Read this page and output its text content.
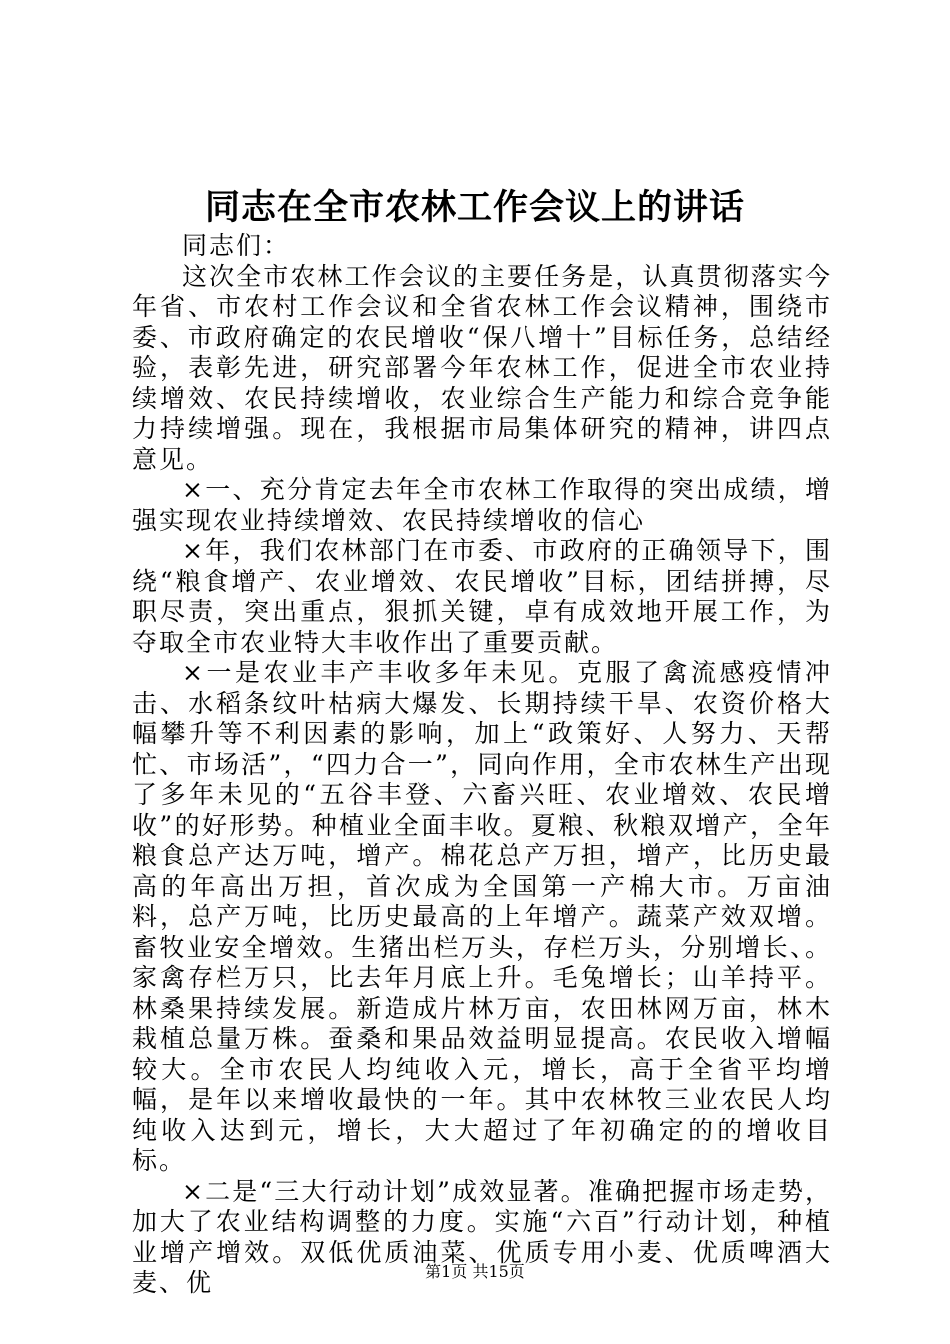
同志在全市农林工作会议上的讲话

同志们：

这次全市农林工作会议的主要任务是，认真贯彻落实今年省、市农村工作会议和全省农林工作会议精神，围绕市委、市政府确定的农民增收“保八增十”目标任务，总结经验，表彰先进，研究部署今年农林工作，促进全市农业持续增效、农民持续增收，农业综合生产能力和综合竞争能力持续增强。现在，我根据市局集体研究的精神，讲四点意见。

×一、充分肯定去年全市农林工作取得的突出成绩，增强实现农业持续增效、农民持续增收的信心

×年，我们农林部门在市委、市政府的正确领导下，围绕“粮食增产、农业增效、农民增收”目标，团结拼搏，尽职尽责，突出重点，狠抓关键，卓有成效地开展工作，为夺取全市农业特大丰收作出了重要贡献。

×一是农业丰产丰收多年未见。克服了禽流感疫情冲击、水稻条纹叶枯病大爆发、长期持续干旱、农资价格大幅攀升等不利因素的影响，加上“政策好、人努力、天帮忙、市场活”，“四力合一”，同向作用，全市农林生产出现了多年未见的“五谷丰登、六畜兴旺、农业增效、农民增收”的好形势。种植业全面丰收。夏粮、秋粮双增产，全年粮食总产达万吨，增产。棉花总产万担，增产，比历史最高的年高出万担，首次成为全国第一产棉大市。万亩油料，总产万吨，比历史最高的上年增产。蔬菜产效双增。畜牧业安全增效。生猪出栏万头，存栏万头，分别增长、。家禽存栏万只，比去年月底上升。毛兔增长；山羊持平。林桑果持续发展。新造成片林万亩，农田林网万亩，林木栽植总量万株。蚕桑和果品效益明显提高。农民收入增幅较大。全市农民人均纯收入元，增长，高于全省平均增幅，是年以来增收最快的一年。其中农林牧三业农民人均纯收入达到元，增长，大大超过了年初确定的的增收目标。

×二是“三大行动计划”成效显著。准确把握市场走势，加大了农业结构调整的力度。实施“六百”行动计划，种植业增产增效。双低优质油菜、优质专用小麦、优质啤酒大麦、优	第1页 共15页
